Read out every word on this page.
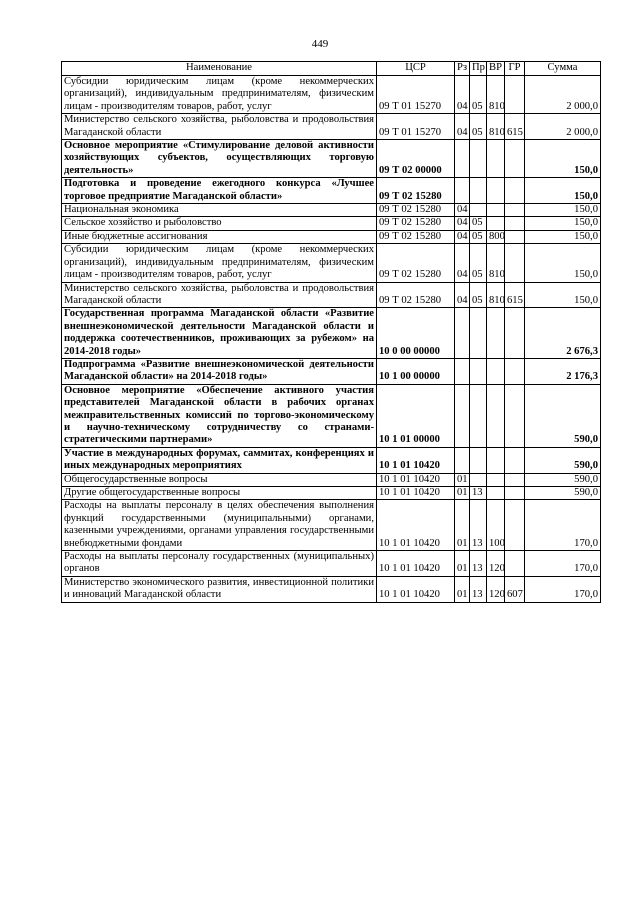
449
Наименование	ЦСР	Рз	Пр	ВР	ГР	Сумма
Субсидии юридическим лицам (кроме некоммерческих организаций), индивидуальным предпринимателям, физическим лицам - производителям товаров, работ, услуг	09 Т 01 15270	04	05	810		2 000,0
Министерство сельского хозяйства, рыболовства и продовольствия Магаданской области	09 Т 01 15270	04	05	810	615	2 000,0
Основное мероприятие «Стимулирование деловой активности хозяйствующих субъектов, осуществляющих торговую деятельность»	09 Т 02 00000					150,0
Подготовка и проведение ежегодного конкурса «Лучшее торговое предприятие Магаданской области»	09 Т 02 15280					150,0
Национальная экономика	09 Т 02 15280	04				150,0
Сельское хозяйство и рыболовство	09 Т 02 15280	04	05			150,0
Иные бюджетные ассигнования	09 Т 02 15280	04	05	800		150,0
Субсидии юридическим лицам (кроме некоммерческих организаций), индивидуальным предпринимателям, физическим лицам - производителям товаров, работ, услуг	09 Т 02 15280	04	05	810		150,0
Министерство сельского хозяйства, рыболовства и продовольствия Магаданской области	09 Т 02 15280	04	05	810	615	150,0
Государственная программа Магаданской области «Развитие внешнеэкономической деятельности Магаданской области и поддержка соотечественников, проживающих за рубежом» на 2014-2018 годы»	10 0 00 00000					2 676,3
Подпрограмма «Развитие внешнеэкономической деятельности Магаданской области» на 2014-2018 годы»	10 1 00 00000					2 176,3
Основное мероприятие «Обеспечение активного участия представителей Магаданской области в рабочих органах межправительственных комиссий по торгово-экономическому и научно-техническому сотрудничеству со странами-стратегическими партнерами»	10 1 01 00000					590,0
Участие в международных форумах, саммитах, конференциях и иных международных мероприятиях	10 1 01 10420					590,0
Общегосударственные вопросы	10 1 01 10420	01				590,0
Другие общегосударственные вопросы	10 1 01 10420	01	13			590,0
Расходы на выплаты персоналу в целях обеспечения выполнения функций государственными (муниципальными) органами, казенными учреждениями, органами управления государственными внебюджетными фондами	10 1 01 10420	01	13	100		170,0
Расходы на выплаты персоналу государственных (муниципальных) органов	10 1 01 10420	01	13	120		170,0
Министерство экономического развития, инвестиционной политики и инноваций Магаданской области	10 1 01 10420	01	13	120	607	170,0
